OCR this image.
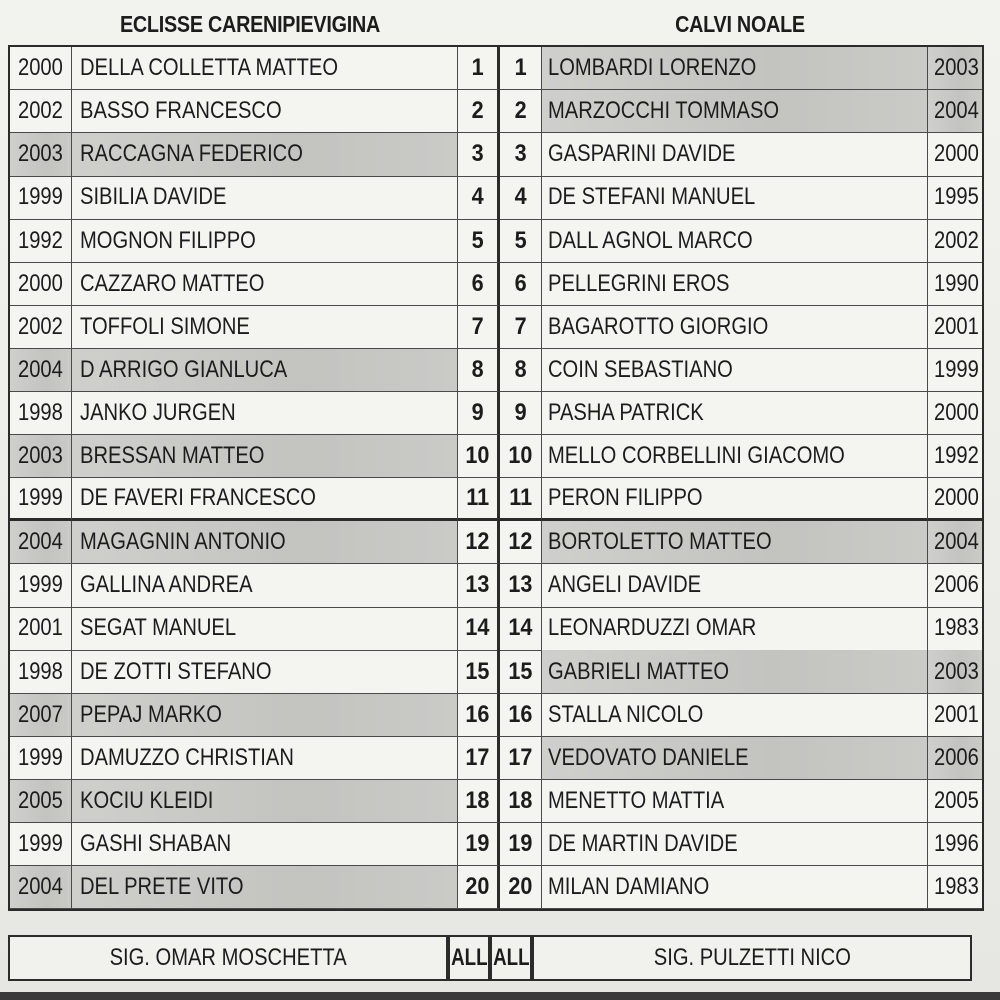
ECLISSE CARENIPIEVIGINA	CALVI NOALE
2000 DELLA COLLETTA MATTEO	1 1 LOMBARDI LORENZO	2003
2002 BASSO FRANCESCO	2 2 MARZOCCHI TOMMASO	2004
2003 RACCAGNA FEDERICO	3 3 GASPARINI DAVIDE	2000
1999 SIBILIA DAVIDE	4 4 DE STEFANI MANUEL	1995
1992 MOGNON FILIPPO	5 5 DALL AGNOL MARCO	2002
2000 CAZZARO MATTEO	6 6 PELLEGRINI EROS	1990
2002 TOFFOLI SIMONE	7 7 BAGAROTTO GIORGIO	2001
2004 D ARRIGO GIANLUCA	8 8 COIN SEBASTIANO	1999
1998 JANKO JURGEN	9 9 PASHA PATRICK	2000
2003 BRESSAN MATTEO	10 10 MELLO CORBELLINI GIACOMO	1992
1999 DE FAVERI FRANCESCO	11 11 PERON FILIPPO	2000
2004 MAGAGNIN ANTONIO	12 12 BORTOLETTO MATTEO	2004
1999 GALLINA ANDREA	13 13 ANGELI DAVIDE	2006
2001 SEGAT MANUEL	14 14 LEONARDUZZI OMAR	1983
1998 DE ZOTTI STEFANO	15 15 GABRIELI MATTEO	2003
2007 PEPAJ MARKO	16 16 STALLA NICOLO	2001
1999 DAMUZZO CHRISTIAN	17 17 VEDOVATO DANIELE	2006
2005 KOCIU KLEIDI	18 18 MENETTO MATTIA	2005
1999 GASHI SHABAN	19 19 DE MARTIN DAVIDE	1996
2004 DEL PRETE VITO	20 20 MILAN DAMIANO	1983
SIG. OMAR MOSCHETTA	ALL ALL	SIG. PULZETTI NICO
